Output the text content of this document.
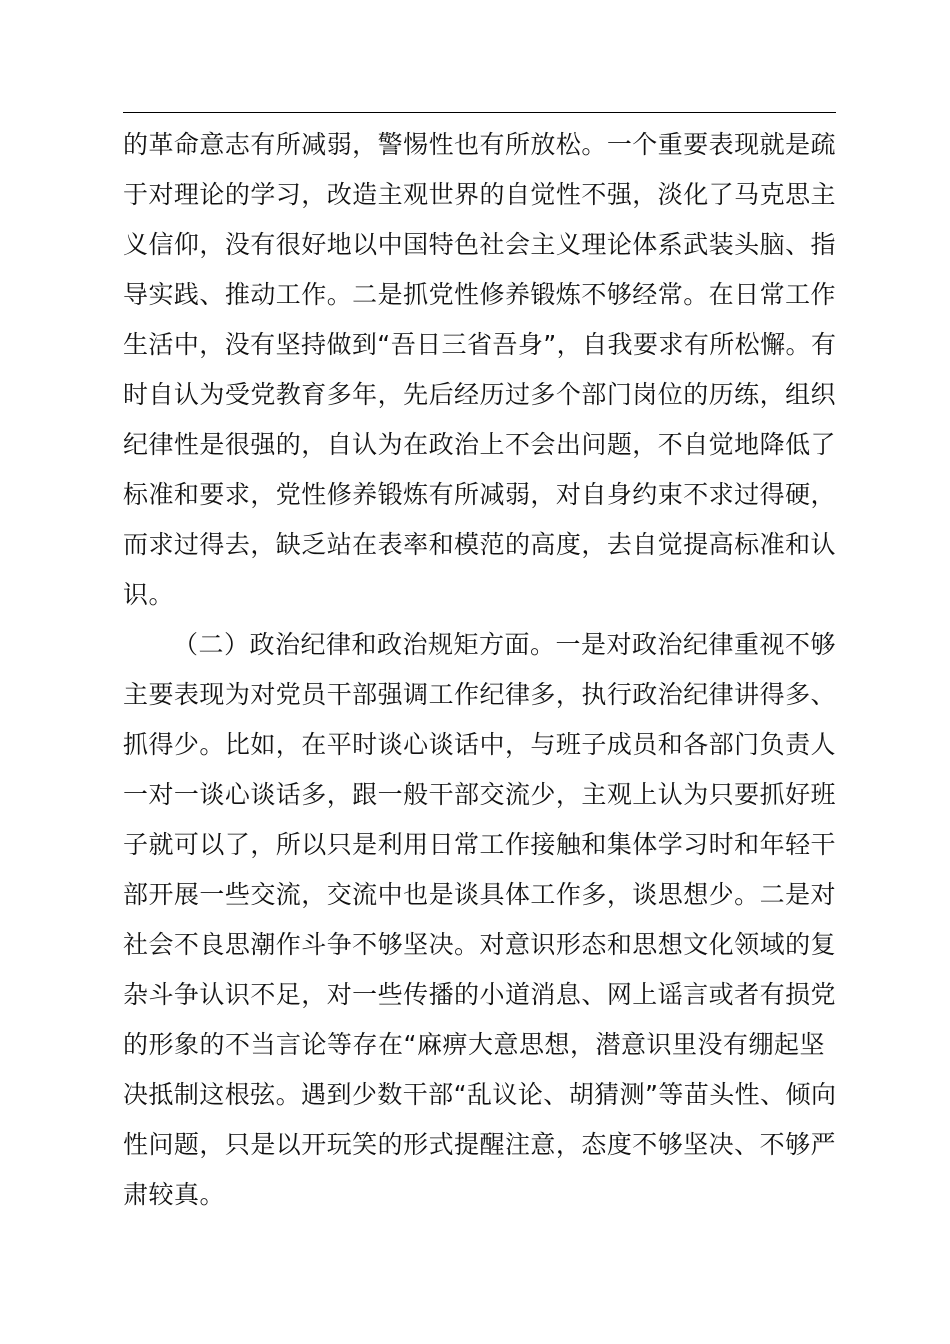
的革命意志有所减弱，警惕性也有所放松。一个重要表现就是疏
于对理论的学习，改造主观世界的自觉性不强，淡化了马克思主
义信仰，没有很好地以中国特色社会主义理论体系武装头脑、指
导实践、推动工作。二是抓党性修养锻炼不够经常。在日常工作
生活中，没有坚持做到“吾日三省吾身”，自我要求有所松懈。有
时自认为受党教育多年，先后经历过多个部门岗位的历练，组织
纪律性是很强的，自认为在政治上不会出问题，不自觉地降低了
标准和要求，党性修养锻炼有所减弱，对自身约束不求过得硬，
而求过得去，缺乏站在表率和模范的高度，去自觉提高标准和认
识。
（二）政治纪律和政治规矩方面。一是对政治纪律重视不够
主要表现为对党员干部强调工作纪律多，执行政治纪律讲得多、
抓得少。比如，在平时谈心谈话中，与班子成员和各部门负责人
一对一谈心谈话多，跟一般干部交流少，主观上认为只要抓好班
子就可以了，所以只是利用日常工作接触和集体学习时和年轻干
部开展一些交流，交流中也是谈具体工作多，谈思想少。二是对
社会不良思潮作斗争不够坚决。对意识形态和思想文化领域的复
杂斗争认识不足，对一些传播的小道消息、网上谣言或者有损党
的形象的不当言论等存在“麻痹大意思想，潜意识里没有绷起坚
决抵制这根弦。遇到少数干部“乱议论、胡猜测”等苗头性、倾向
性问题，只是以开玩笑的形式提醒注意，态度不够坚决、不够严
肃较真。
